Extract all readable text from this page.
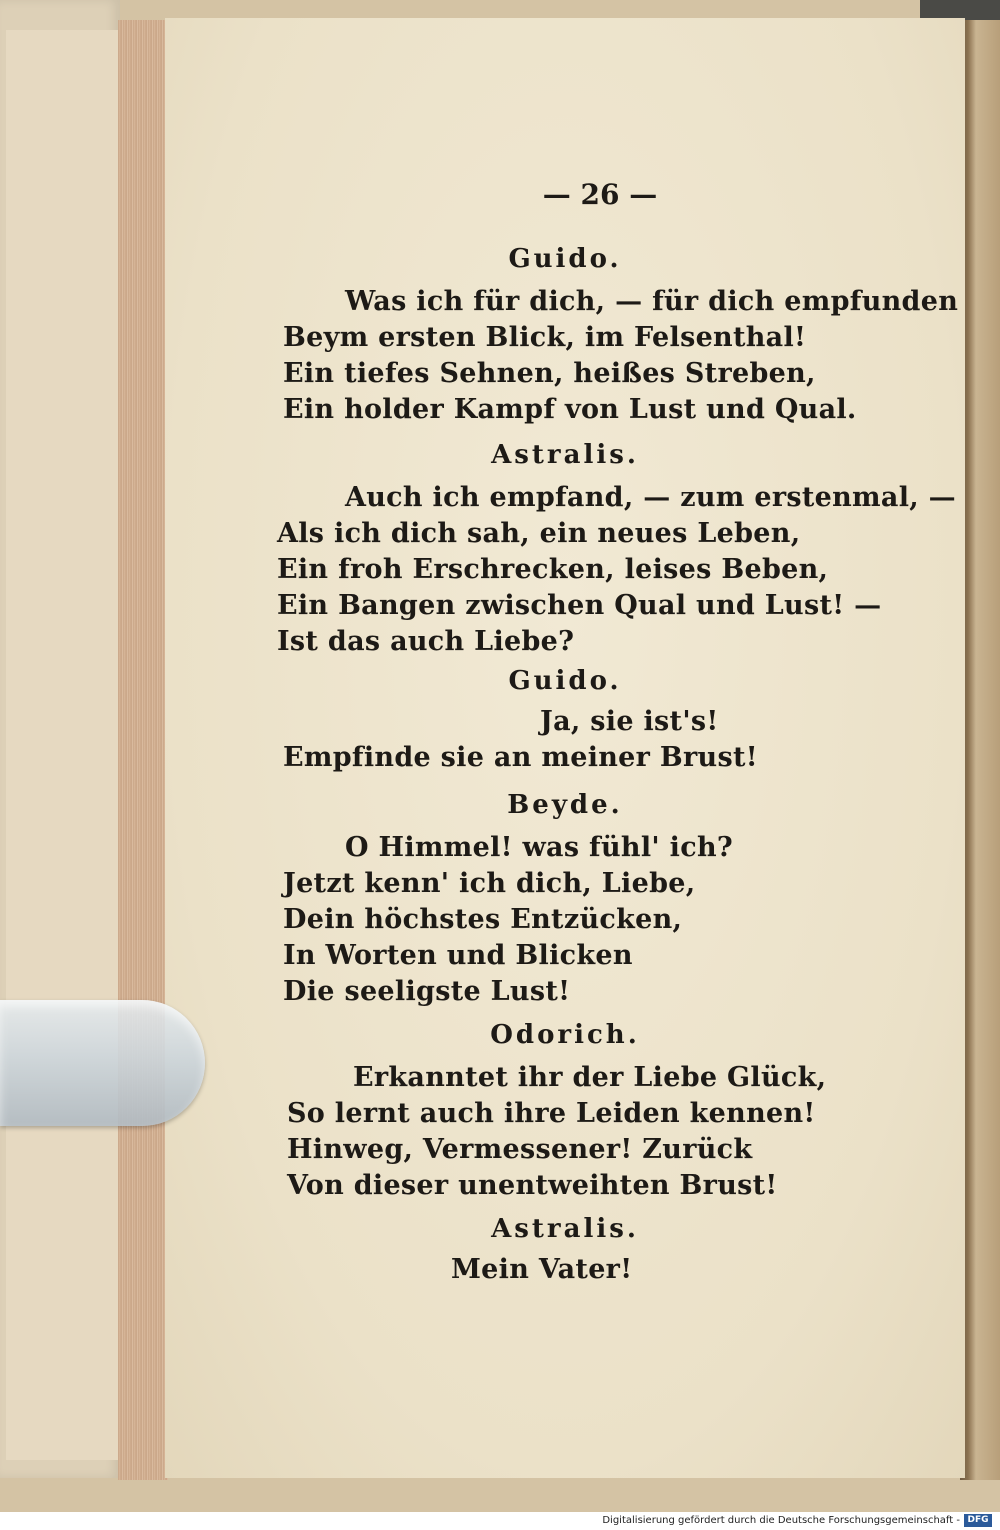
— 26 —
Guido.
Was ich für dich, — für dich empfunden
Beym ersten Blick, im Felsenthal!
Ein tiefes Sehnen, heißes Streben,
Ein holder Kampf von Lust und Qual.
Astralis.
Auch ich empfand, — zum erstenmal, —
Als ich dich sah, ein neues Leben,
Ein froh Erschrecken, leises Beben,
Ein Bangen zwischen Qual und Lust! —
Ist das auch Liebe?
Guido.
Ja, sie ist's!
Empfinde sie an meiner Brust!
Beyde.
O Himmel! was fühl' ich?
Jetzt kenn' ich dich, Liebe,
Dein höchstes Entzücken,
In Worten und Blicken
Die seeligste Lust!
Odorich.
Erkanntet ihr der Liebe Glück,
So lernt auch ihre Leiden kennen!
Hinweg, Vermessener! Zurück
Von dieser unentweihten Brust!
Astralis.
Mein Vater!
Digitalisierung gefördert durch die Deutsche Forschungsgemeinschaft - DFG
